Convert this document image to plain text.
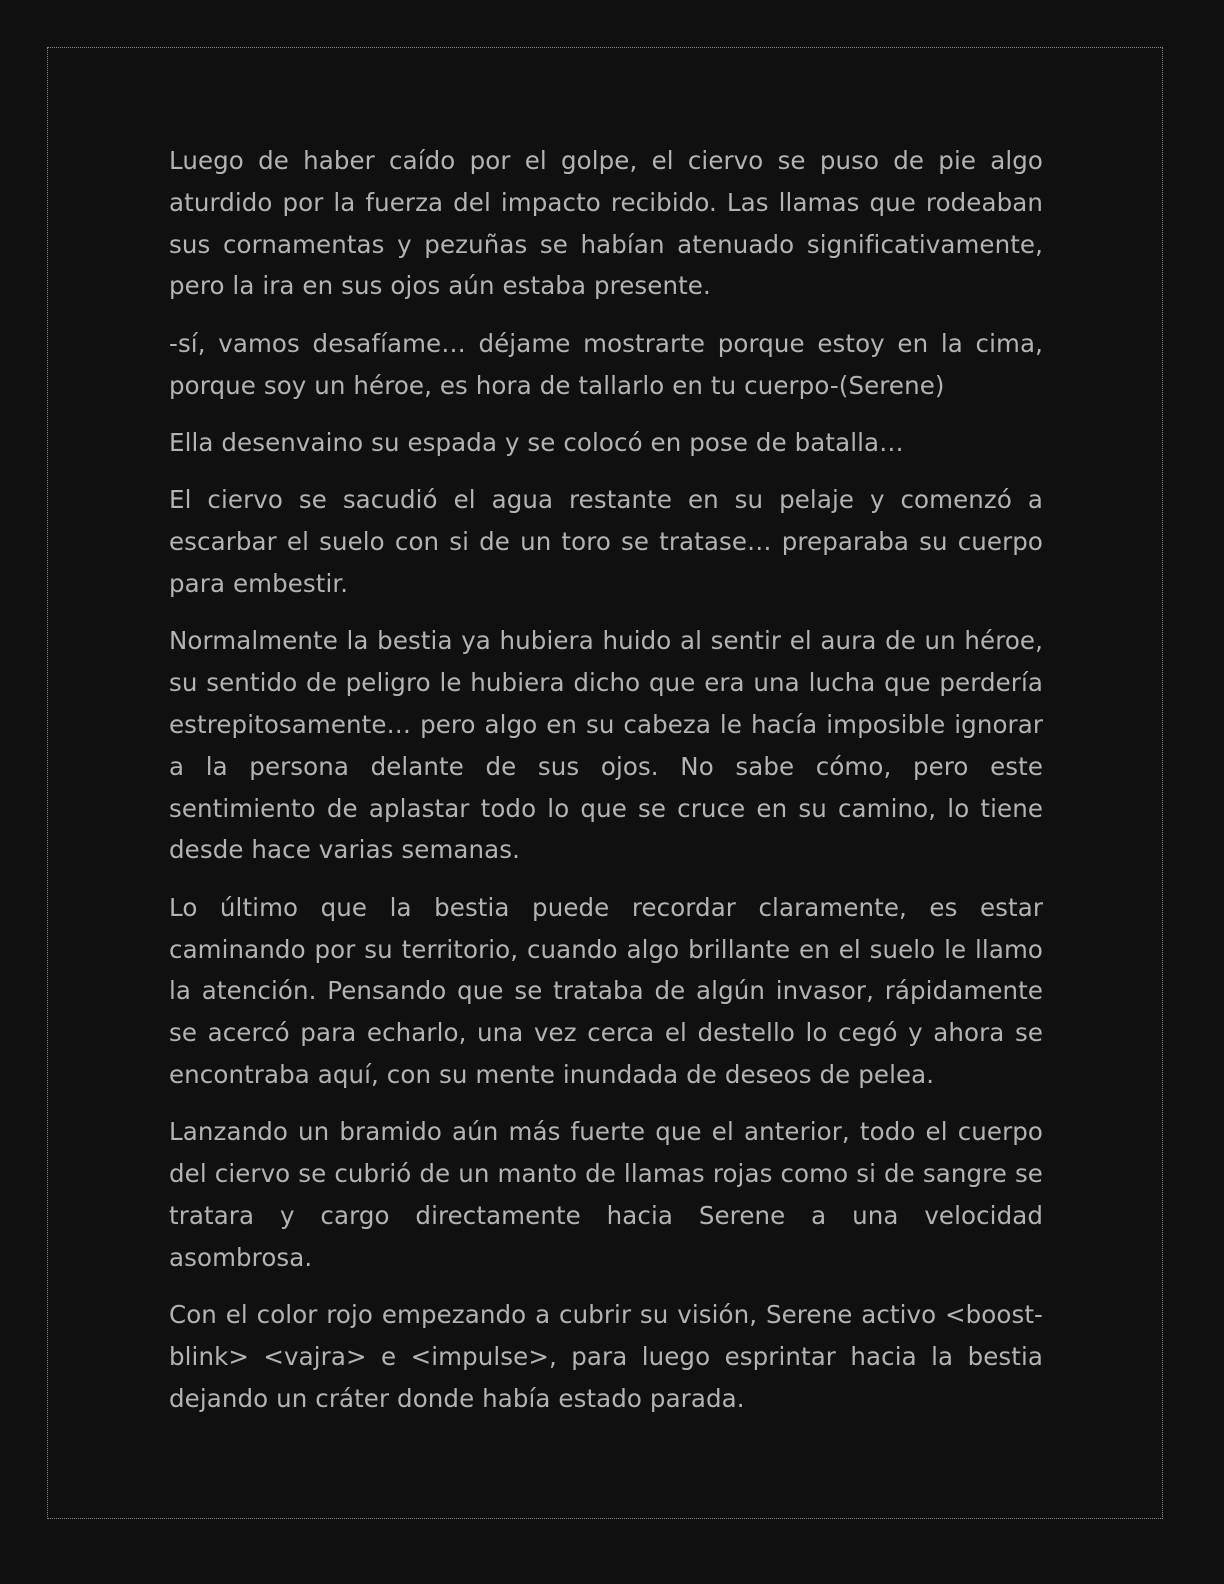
Luego de haber caído por el golpe, el ciervo se puso de pie algo aturdido por la fuerza del impacto recibido. Las llamas que rodeaban sus cornamentas y pezuñas se habían atenuado significativamente, pero la ira en sus ojos aún estaba presente.

-sí, vamos desafíame… déjame mostrarte porque estoy en la cima, porque soy un héroe, es hora de tallarlo en tu cuerpo-(Serene)

Ella desenvaino su espada y se colocó en pose de batalla…

El ciervo se sacudió el agua restante en su pelaje y comenzó a escarbar el suelo con si de un toro se tratase… preparaba su cuerpo para embestir.

Normalmente la bestia ya hubiera huido al sentir el aura de un héroe, su sentido de peligro le hubiera dicho que era una lucha que perdería estrepitosamente… pero algo en su cabeza le hacía imposible ignorar a la persona delante de sus ojos. No sabe cómo, pero este sentimiento de aplastar todo lo que se cruce en su camino, lo tiene desde hace varias semanas.

Lo último que la bestia puede recordar claramente, es estar caminando por su territorio, cuando algo brillante en el suelo le llamo la atención. Pensando que se trataba de algún invasor, rápidamente se acercó para echarlo, una vez cerca el destello lo cegó y ahora se encontraba aquí, con su mente inundada de deseos de pelea.

Lanzando un bramido aún más fuerte que el anterior, todo el cuerpo del ciervo se cubrió de un manto de llamas rojas como si de sangre se tratara y cargo directamente hacia Serene a una velocidad asombrosa.

Con el color rojo empezando a cubrir su visión, Serene activo <boost-blink> <vajra> e <impulse>, para luego esprintar hacia la bestia dejando un cráter donde había estado parada.
